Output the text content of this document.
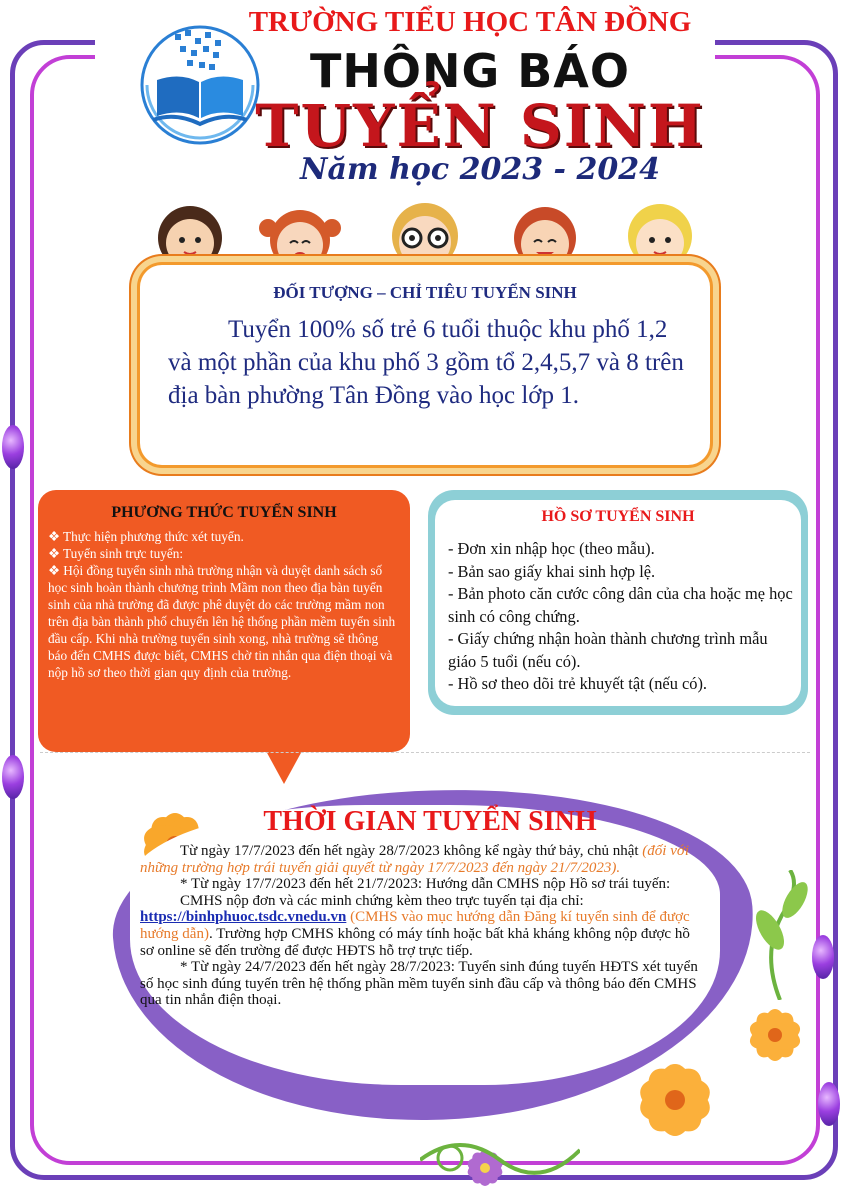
TRƯỜNG TIỂU HỌC TÂN ĐỒNG
THÔNG BÁO
TUYỂN SINH
Năm học 2023 - 2024
ĐỐI TƯỢNG – CHỈ TIÊU TUYỂN SINH
Tuyển 100% số trẻ 6 tuổi thuộc khu phố 1,2 và một phần của khu phố 3 gồm tổ 2,4,5,7 và 8 trên địa bàn phường Tân Đồng vào học lớp 1.
PHƯƠNG THỨC TUYỂN SINH
❖ Thực hiện phương thức xét tuyển.
❖ Tuyển sinh trực tuyến:
❖ Hội đồng tuyển sinh nhà trường nhận và duyệt danh sách số học sinh hoàn thành chương trình Mầm non theo địa bàn tuyển sinh của nhà trường đã được phê duyệt do các trường mầm non trên địa bàn thành phố chuyển lên hệ thống phần mềm tuyển sinh đầu cấp. Khi nhà trường tuyển sinh xong, nhà trường sẽ thông báo đến CMHS được biết, CMHS chờ tin nhắn qua điện thoại và nộp hồ sơ theo thời gian quy định của trường.
HỒ SƠ TUYỂN SINH
- Đơn xin nhập học (theo mẫu).
- Bản sao giấy khai sinh hợp lệ.
- Bản photo căn cước công dân của cha hoặc mẹ học sinh có công chứng.
- Giấy chứng nhận hoàn thành chương trình mẫu giáo 5 tuổi (nếu có).
- Hồ sơ theo dõi trẻ khuyết tật (nếu có).
THỜI GIAN TUYỂN SINH

Từ ngày 17/7/2023 đến hết ngày 28/7/2023 không kể ngày thứ bảy, chủ nhật (đối với những trường hợp trái tuyến giải quyết từ ngày 17/7/2023 đến ngày 21/7/2023).

* Từ ngày 17/7/2023 đến hết 21/7/2023: Hướng dẫn CMHS nộp Hồ sơ trái tuyến:

CMHS nộp đơn và các minh chứng kèm theo trực tuyến tại địa chỉ:

https://binhphuoc.tsdc.vnedu.vn (CMHS vào mục hướng dẫn Đăng kí tuyển sinh để được hướng dẫn). Trường hợp CMHS không có máy tính hoặc bất khả kháng không nộp được hồ sơ online sẽ đến trường để được HĐTS hỗ trợ trực tiếp.

* Từ ngày 24/7/2023 đến hết ngày 28/7/2023: Tuyển sinh đúng tuyến HĐTS xét tuyển số học sinh đúng tuyến trên hệ thống phần mềm tuyển sinh đầu cấp và thông báo đến CMHS qua tin nhắn điện thoại.
